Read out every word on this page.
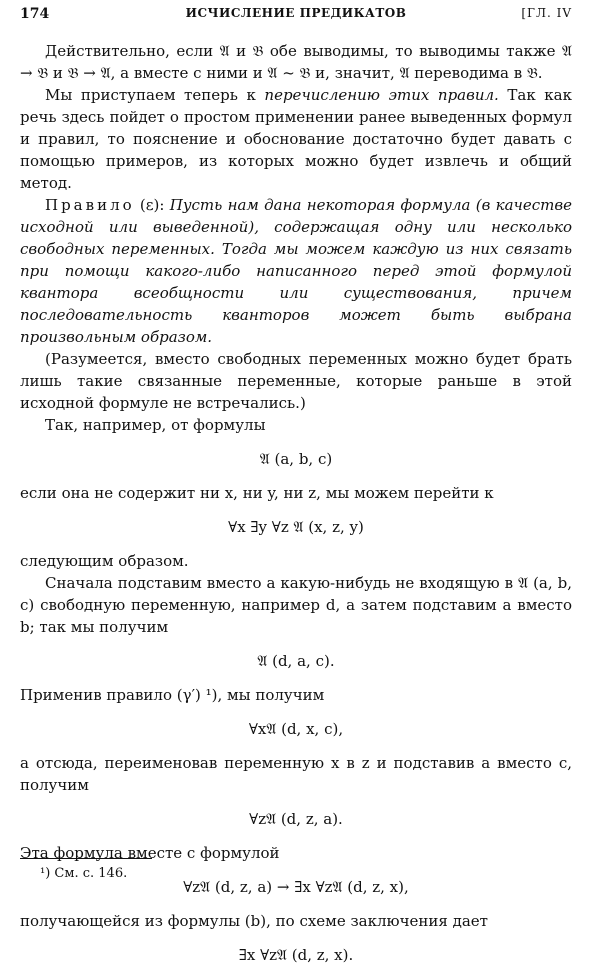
174	ИСЧИСЛЕНИЕ ПРЕДИКАТОВ	[ГЛ. IV

Действительно, если 𝔄 и 𝔅 обе выводимы, то выводимы также 𝔄 → 𝔅 и 𝔅 → 𝔄, а вместе с ними и 𝔄 ~ 𝔅 и, значит, 𝔄 переводима в 𝔅.

Мы приступаем теперь к перечислению этих правил. Так как речь здесь пойдет о простом применении ранее выведенных формул и правил, то пояснение и обоснование достаточно будет давать с помощью примеров, из которых можно будет извлечь и общий метод.

Правило (ε): Пусть нам дана некоторая формула (в качестве исходной или выведенной), содержащая одну или несколько свободных переменных. Тогда мы можем каждую из них связать при помощи какого-либо написанного перед этой формулой квантора всеобщности или существования, причем последовательность кванторов может быть выбрана произвольным образом.

(Разумеется, вместо свободных переменных можно будет брать лишь такие связанные переменные, которые раньше в этой исходной формуле не встречались.)

Так, например, от формулы

𝔄 (a, b, c)

если она не содержит ни x, ни y, ни z, мы можем перейти к

∀x ∃y ∀z 𝔄 (x, z, y)

следующим образом.

Сначала подставим вместо a какую-нибудь не входящую в 𝔄 (a, b, c) свободную переменную, например d, а затем подставим a вместо b; так мы получим

𝔄 (d, a, c).

Применив правило (γ′) ¹), мы получим

∀x𝔄 (d, x, c),

а отсюда, переименовав переменную x в z и подставив a вместо c, получим

∀z𝔄 (d, z, a).

Эта формула вместе с формулой

∀z𝔄 (d, z, a) → ∃x ∀z𝔄 (d, z, x),

получающейся из формулы (b), по схеме заключения дает

∃x ∀z𝔄 (d, z, x).

¹) См. с. 146.
